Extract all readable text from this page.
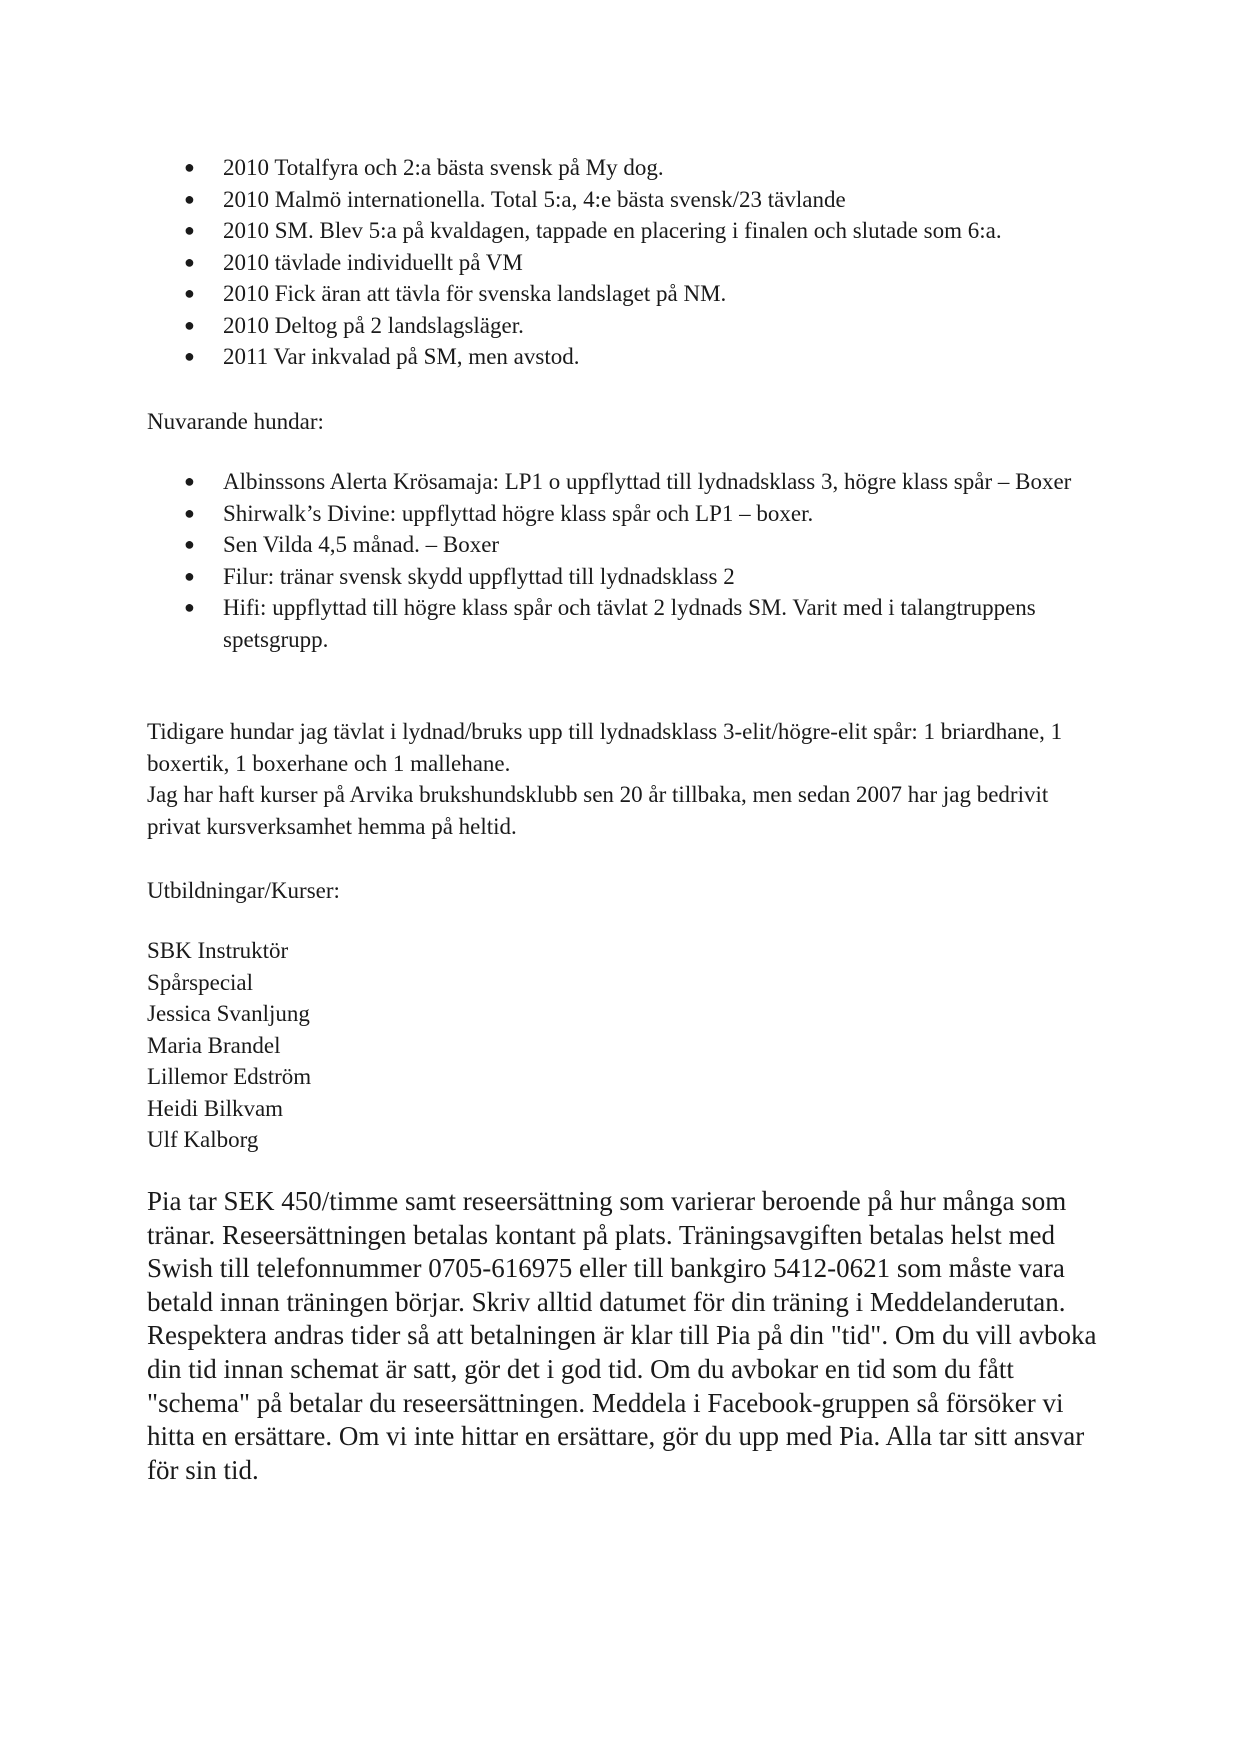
● 2010 Totalfyra och 2:a bästa svensk på My dog.
● 2010 Malmö internationella. Total 5:a, 4:e bästa svensk/23 tävlande
● 2010 SM. Blev 5:a på kvaldagen, tappade en placering i finalen och slutade som 6:a.
● 2010 tävlade individuellt på VM
● 2010 Fick äran att tävla för svenska landslaget på NM.
● 2010 Deltog på 2 landslagsläger.
● 2011 Var inkvalad på SM, men avstod.

Nuvarande hundar:

● Albinssons Alerta Krösamaja: LP1 o uppflyttad till lydnadsklass 3, högre klass spår – Boxer
● Shirwalk’s Divine: uppflyttad högre klass spår och LP1 – boxer.
● Sen Vilda 4,5 månad. – Boxer
● Filur: tränar svensk skydd uppflyttad till lydnadsklass 2
● Hifi: uppflyttad till högre klass spår och tävlat 2 lydnads SM. Varit med i talangtruppens spetsgrupp.

Tidigare hundar jag tävlat i lydnad/bruks upp till lydnadsklass 3-elit/högre-elit spår: 1 briardhane, 1 boxertik, 1 boxerhane och 1 mallehane.

Jag har haft kurser på Arvika brukshundsklubb sen 20 år tillbaka, men sedan 2007 har jag bedrivit privat kursverksamhet hemma på heltid.

Utbildningar/Kurser:

SBK Instruktör

Spårspecial

Jessica Svanljung

Maria Brandel

Lillemor Edström

Heidi Bilkvam

Ulf Kalborg

Pia tar SEK 450/timme samt reseersättning som varierar beroende på hur många som tränar. Reseersättningen betalas kontant på plats. Träningsavgiften betalas helst med Swish till telefonnummer 0705-616975 eller till bankgiro 5412-0621 som måste vara betald innan träningen börjar. Skriv alltid datumet för din träning i Meddelanderutan. Respektera andras tider så att betalningen är klar till Pia på din "tid". Om du vill avboka din tid innan schemat är satt, gör det i god tid. Om du avbokar en tid som du fått "schema" på betalar du reseersättningen. Meddela i Facebook-gruppen så försöker vi hitta en ersättare. Om vi inte hittar en ersättare, gör du upp med Pia. Alla tar sitt ansvar för sin tid.
